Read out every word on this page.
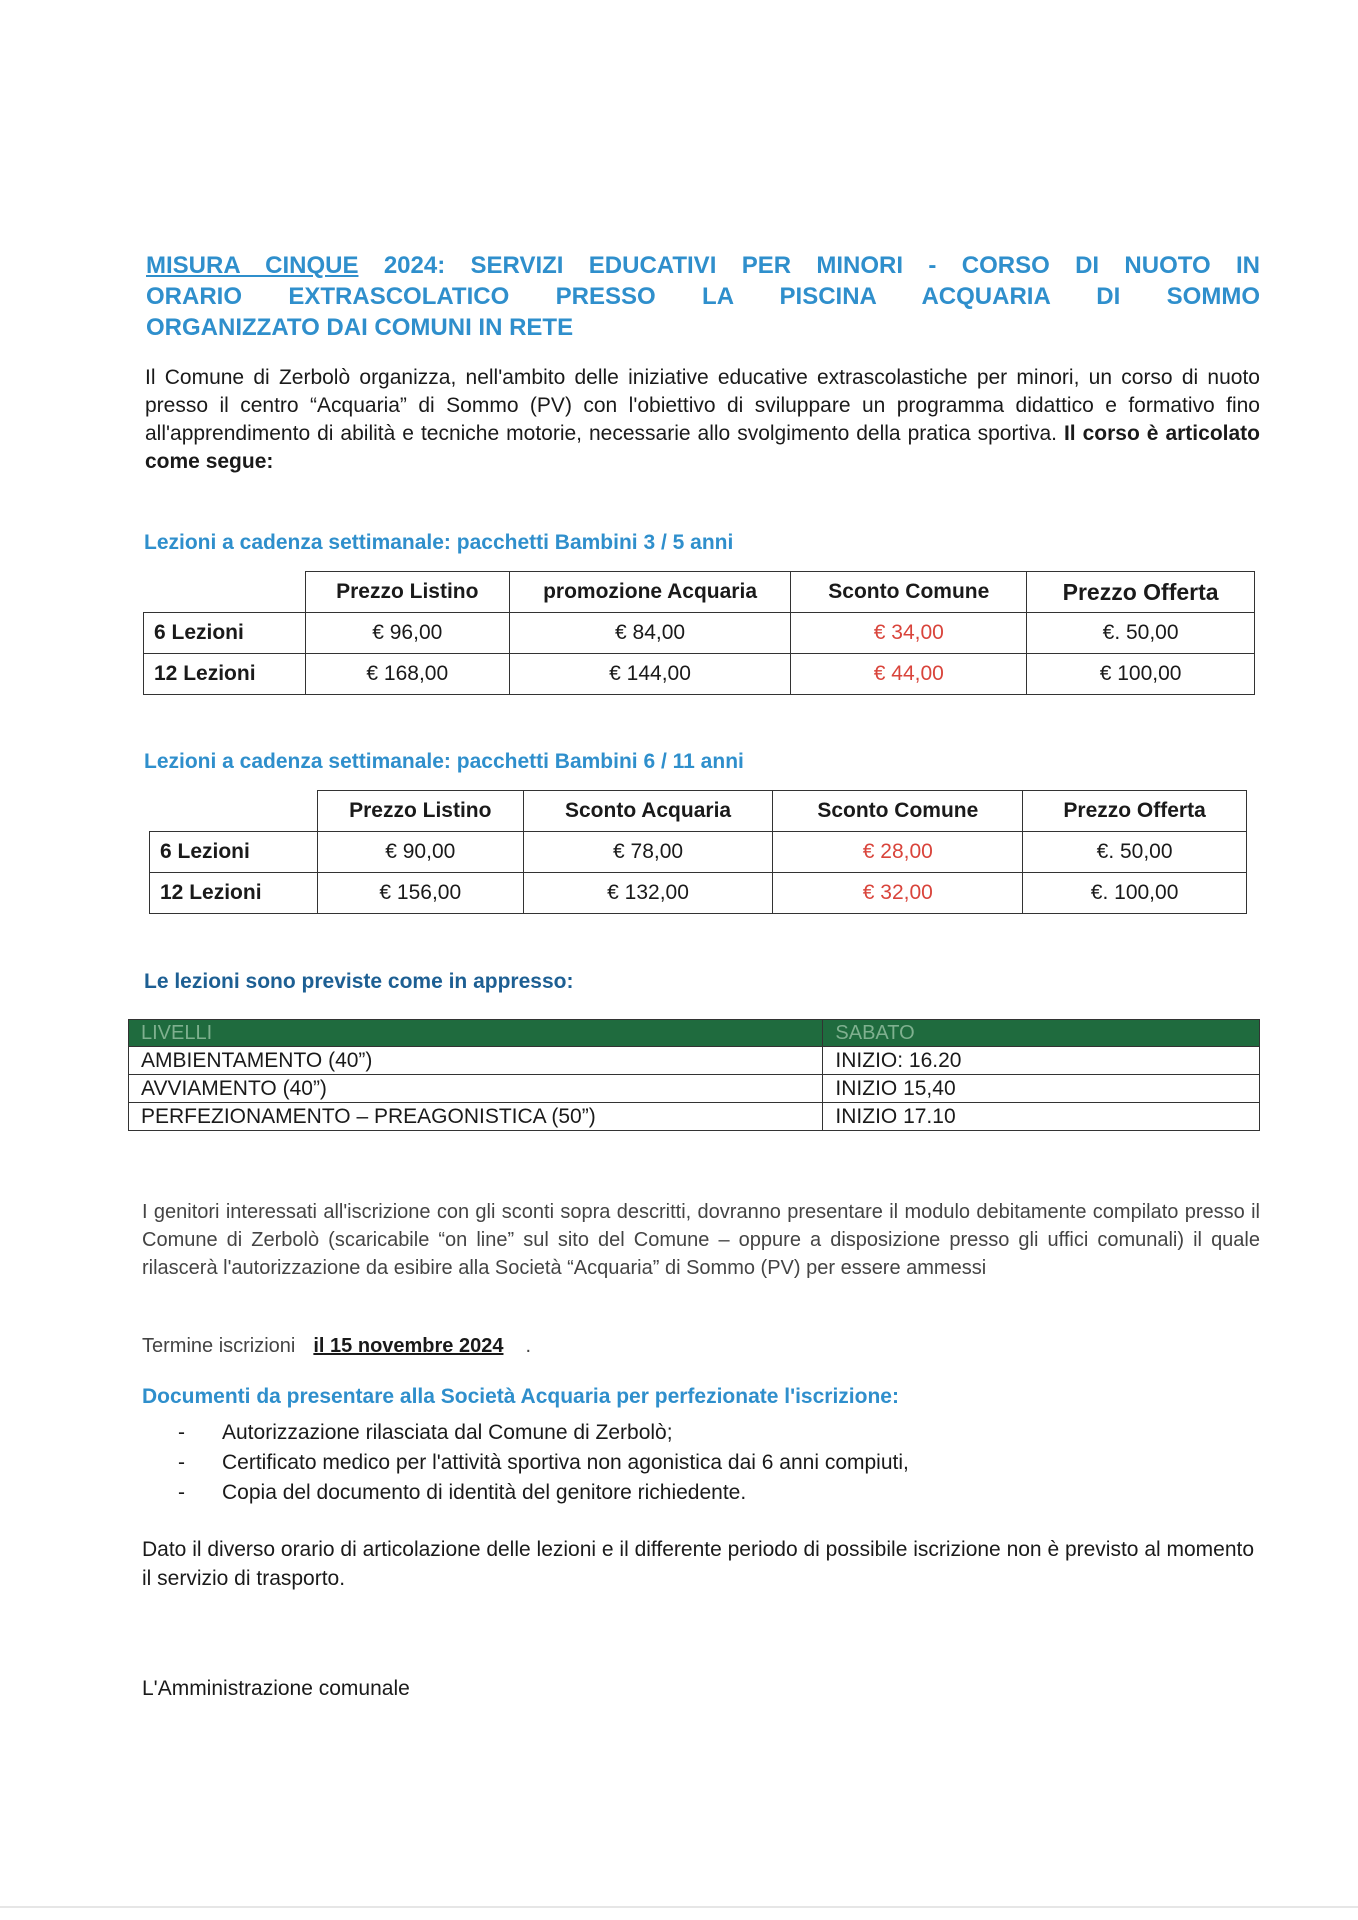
MISURA CINQUE 2024: SERVIZI EDUCATIVI PER MINORI - CORSO DI NUOTO IN
ORARIO EXTRASCOLATICO PRESSO LA PISCINA ACQUARIA DI SOMMO
ORGANIZZATO DAI COMUNI IN RETE
Il Comune di Zerbolò organizza, nell'ambito delle iniziative educative extrascolastiche per minori, un corso di nuoto presso il centro “Acquaria” di Sommo (PV) con l'obiettivo di sviluppare un programma didattico e formativo fino all'apprendimento di abilità e tecniche motorie, necessarie allo svolgimento della pratica sportiva. Il corso è articolato come segue:
Lezioni a cadenza settimanale: pacchetti Bambini 3 / 5 anni
	Prezzo Listino	promozione Acquaria	Sconto Comune	Prezzo Offerta
6 Lezioni	€ 96,00	€ 84,00	€ 34,00	€. 50,00
12 Lezioni	€ 168,00	€ 144,00	€ 44,00	€ 100,00
Lezioni a cadenza settimanale: pacchetti Bambini 6 / 11 anni
	Prezzo Listino	Sconto Acquaria	Sconto Comune	Prezzo Offerta
6 Lezioni	€ 90,00	€ 78,00	€ 28,00	€. 50,00
12 Lezioni	€ 156,00	€ 132,00	€ 32,00	€. 100,00
Le lezioni sono previste come in appresso:
LIVELLI	SABATO
AMBIENTAMENTO (40”)	INIZIO: 16.20
AVVIAMENTO (40”)	INIZIO 15,40
PERFEZIONAMENTO – PREAGONISTICA (50”)	INIZIO 17.10
I genitori interessati all'iscrizione con gli sconti sopra descritti, dovranno presentare il modulo debitamente compilato presso il Comune di Zerbolò (scaricabile “on line” sul sito del Comune – oppure a disposizione presso gli uffici comunali) il quale rilascerà l'autorizzazione da esibire alla Società “Acquaria” di Sommo (PV) per essere ammessi
Termine iscrizioni il 15 novembre 2024 .
Documenti da presentare alla Società Acquaria per perfezionate l'iscrizione:
- Autorizzazione rilasciata dal Comune di Zerbolò;
- Certificato medico per l'attività sportiva non agonistica dai 6 anni compiuti,
- Copia del documento di identità del genitore richiedente.
Dato il diverso orario di articolazione delle lezioni e il differente periodo di possibile iscrizione non è previsto al momento il servizio di trasporto.
L'Amministrazione comunale
